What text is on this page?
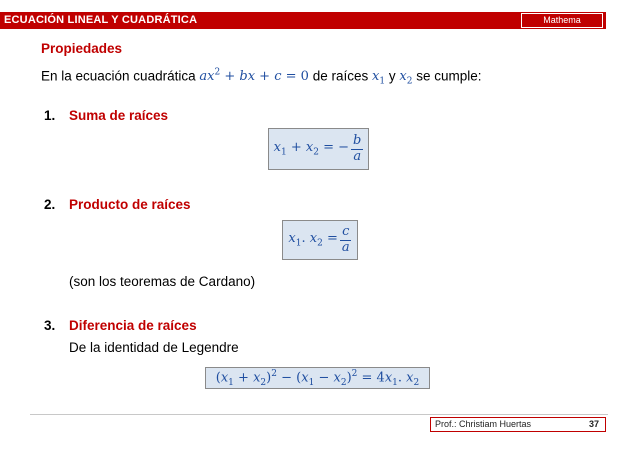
ECUACIÓN LINEAL Y CUADRÁTICA	Mathema
Propiedades
En la ecuación cuadrática $ax^2$ + bx + c = 0 de raíces $x_1$ y $x_2$ se cumple:
1. Suma de raíces
$x_1 + x_2$ = − $\frac{b}{a}$
2. Producto de raíces
$x_1$. $x_2 = \frac{c}{a}$
(son los teoremas de Cardano)
3. Diferencia de raíces
De la identidad de Legendre
$(x_1 + x_2)^2 - (x_1 - x_2)^2 = 4x_1$. $x_2$
Prof.: Christiam Huertas	37
